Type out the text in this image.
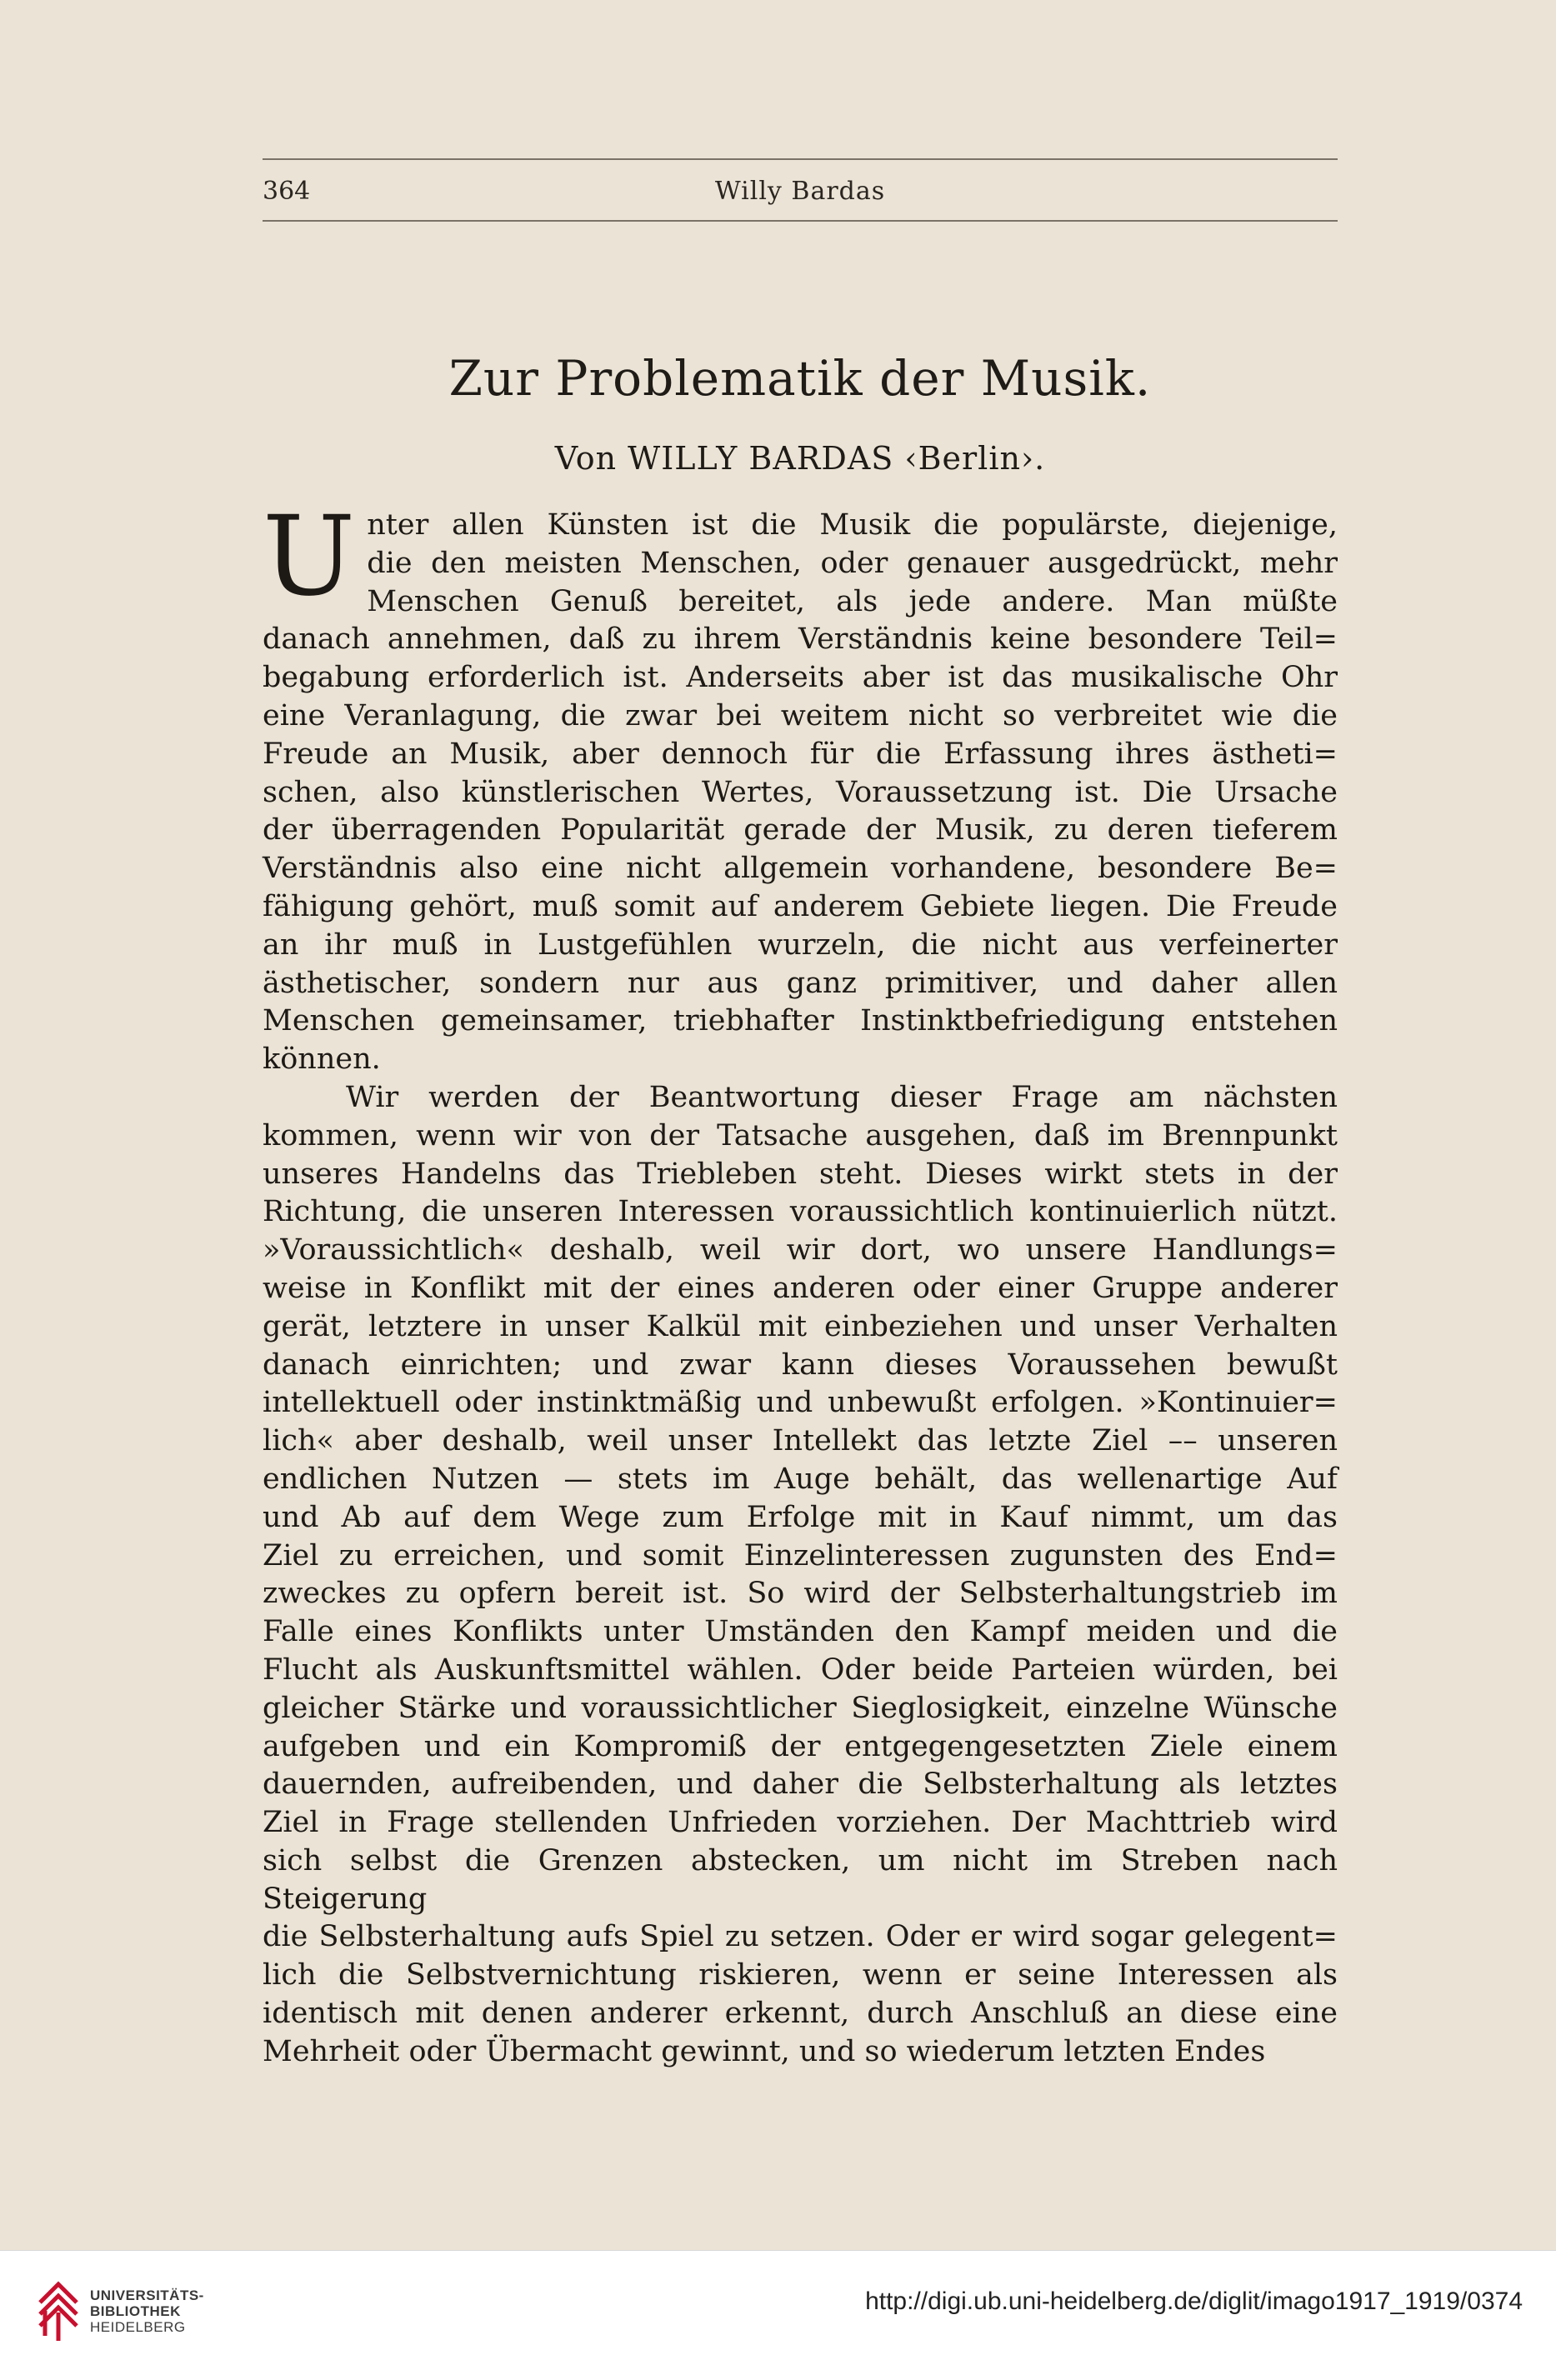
364	Willy Bardas
Zur Problematik der Musik.
Von WILLY BARDAS ‹Berlin›.
U nter allen Künsten ist die Musik die populärste, diejenige,

die den meisten Menschen, oder genauer ausgedrückt, mehr

Menschen Genuß bereitet, als jede andere. Man müßte

danach annehmen, daß zu ihrem Verständnis keine besondere Teil=

begabung erforderlich ist. Anderseits aber ist das musikalische Ohr

eine Veranlagung, die zwar bei weitem nicht so verbreitet wie die

Freude an Musik, aber dennoch für die Erfassung ihres ästheti=

schen, also künstlerischen Wertes, Voraussetzung ist. Die Ursache

der überragenden Popularität gerade der Musik, zu deren tieferem

Verständnis also eine nicht allgemein vorhandene, besondere Be=

fähigung gehört, muß somit auf anderem Gebiete liegen. Die Freude

an ihr muß in Lustgefühlen wurzeln, die nicht aus verfeinerter

ästhetischer, sondern nur aus ganz primitiver, und daher allen

Menschen gemeinsamer, triebhafter Instinktbefriedigung entstehen

können.

Wir werden der Beantwortung dieser Frage am nächsten

kommen, wenn wir von der Tatsache ausgehen, daß im Brennpunkt

unseres Handelns das Triebleben steht. Dieses wirkt stets in der

Richtung, die unseren Interessen voraussichtlich kontinuierlich nützt.

»Voraussichtlich« deshalb, weil wir dort, wo unsere Handlungs=

weise in Konflikt mit der eines anderen oder einer Gruppe anderer

gerät, letztere in unser Kalkül mit einbeziehen und unser Verhalten

danach einrichten; und zwar kann dieses Voraussehen bewußt

intellektuell oder instinktmäßig und unbewußt erfolgen. »Kontinuier=

lich« aber deshalb, weil unser Intellekt das letzte Ziel –– unseren

endlichen Nutzen — stets im Auge behält, das wellenartige Auf

und Ab auf dem Wege zum Erfolge mit in Kauf nimmt, um das

Ziel zu erreichen, und somit Einzelinteressen zugunsten des End=

zweckes zu opfern bereit ist. So wird der Selbsterhaltungstrieb im

Falle eines Konflikts unter Umständen den Kampf meiden und die

Flucht als Auskunftsmittel wählen. Oder beide Parteien würden, bei

gleicher Stärke und voraussichtlicher Sieglosigkeit, einzelne Wünsche

aufgeben und ein Kompromiß der entgegengesetzten Ziele einem

dauernden, aufreibenden, und daher die Selbsterhaltung als letztes

Ziel in Frage stellenden Unfrieden vorziehen. Der Machttrieb wird

sich selbst die Grenzen abstecken, um nicht im Streben nach Steigerung

die Selbsterhaltung aufs Spiel zu setzen. Oder er wird sogar gelegent=

lich die Selbstvernichtung riskieren, wenn er seine Interessen als

identisch mit denen anderer erkennt, durch Anschluß an diese eine

Mehrheit oder Übermacht gewinnt, und so wiederum letzten Endes

UNIVERSITÄTS-
BIBLIOTHEK
HEIDELBERG
http://digi.ub.uni-heidelberg.de/diglit/imago1917_1919/0374
